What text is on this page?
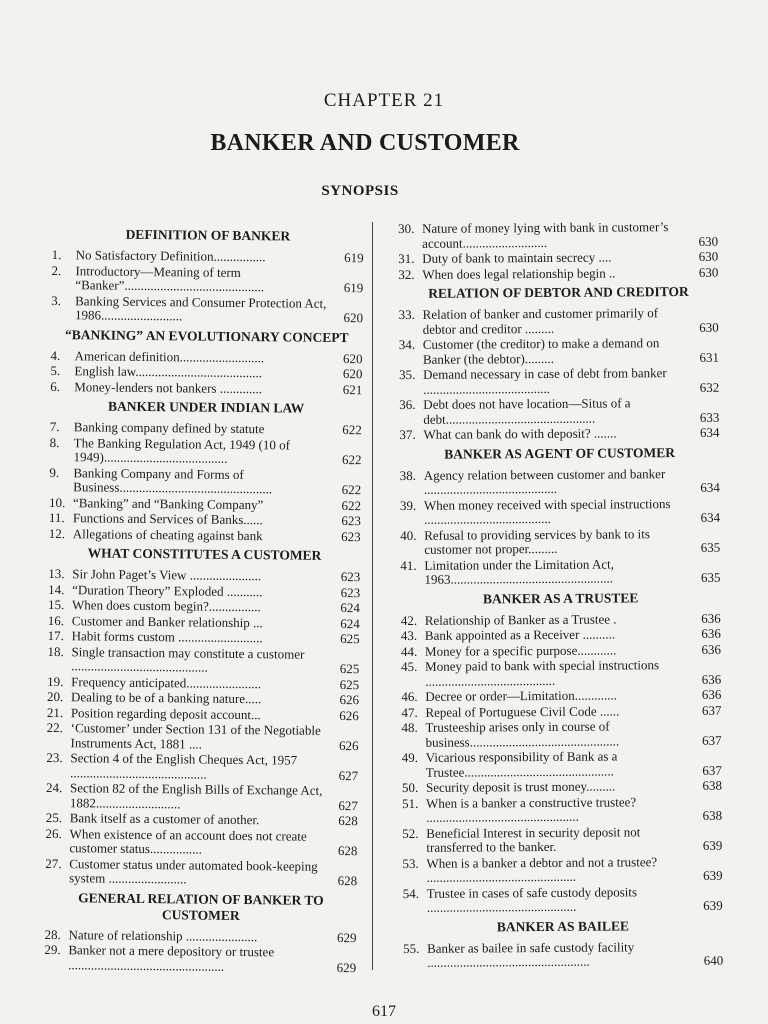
CHAPTER 21
BANKER AND CUSTOMER
SYNOPSIS
DEFINITION OF BANKER
1.	No Satisfactory Definition................	619
2.	Introductory—Meaning of term “Banker”...........................................	619
3.	Banking Services and Consumer Protection Act, 1986.........................	620
“BANKING” AN EVOLUTIONARY CONCEPT
4.	American definition..........................	620
5.	English law.......................................	620
6.	Money-lenders not bankers .............	621
BANKER UNDER INDIAN LAW
7.	Banking company defined by statute	622
8.	The Banking Regulation Act, 1949 (10 of 1949)......................................	622
9.	Banking Company and Forms of Business...............................................	622
10. “Banking” and “Banking Company”	622
11. Functions and Services of Banks......	623
12. Allegations of cheating against bank	623
WHAT CONSTITUTES A CUSTOMER
13. Sir John Paget’s View ......................	623
14. “Duration Theory” Exploded ...........	623
15. When does custom begin?................	624
16. Customer and Banker relationship ...	624
17. Habit forms custom ..........................	625
18. Single transaction may constitute a customer ..........................................	625
19. Frequency anticipated.......................	625
20. Dealing to be of a banking nature.....	626
21. Position regarding deposit account...	626
22. ‘Customer’ under Section 131 of the Negotiable Instruments Act, 1881 ....	626
23. Section 4 of the English Cheques Act, 1957 ..........................................	627
24. Section 82 of the English Bills of Exchange Act, 1882..........................	627
25. Bank itself as a customer of another.	628
26. When existence of an account does not create customer status................	628
27. Customer status under automated book-keeping system ........................	628
GENERAL RELATION OF BANKER TO CUSTOMER
28. Nature of relationship ......................	629
29. Banker not a mere depository or trustee ................................................	629
30. Nature of money lying with bank in customer’s account..........................	630
31. Duty of bank to maintain secrecy ....	630
32. When does legal relationship begin ..	630
RELATION OF DEBTOR AND CREDITOR
33. Relation of banker and customer primarily of debtor and creditor .........	630
34. Customer (the creditor) to make a demand on Banker (the debtor).........	631
35. Demand necessary in case of debt from banker .......................................	632
36. Debt does not have location—Situs of a debt..............................................	633
37. What can bank do with deposit? .......	634
BANKER AS AGENT OF CUSTOMER
38. Agency relation between customer and banker .........................................	634
39. When money received with special instructions .......................................	634
40. Refusal to providing services by bank to its customer not proper.........	635
41. Limitation under the Limitation Act, 1963..................................................	635
BANKER AS A TRUSTEE
42. Relationship of Banker as a Trustee .	636
43. Bank appointed as a Receiver ..........	636
44. Money for a specific purpose............	636
45. Money paid to bank with special instructions ........................................	636
46. Decree or order—Limitation.............	636
47. Repeal of Portuguese Civil Code ......	637
48. Trusteeship arises only in course of business..............................................	637
49. Vicarious responsibility of Bank as a Trustee..............................................	637
50. Security deposit is trust money.........	638
51. When is a banker a constructive trustee? ...............................................	638
52. Beneficial Interest in security deposit not transferred to the banker.	639
53. When is a banker a debtor and not a trustee? ..............................................	639
54. Trustee in cases of safe custody deposits ..............................................	639
BANKER AS BAILEE
55. Banker as bailee in safe custody facility ..................................................	640
617
